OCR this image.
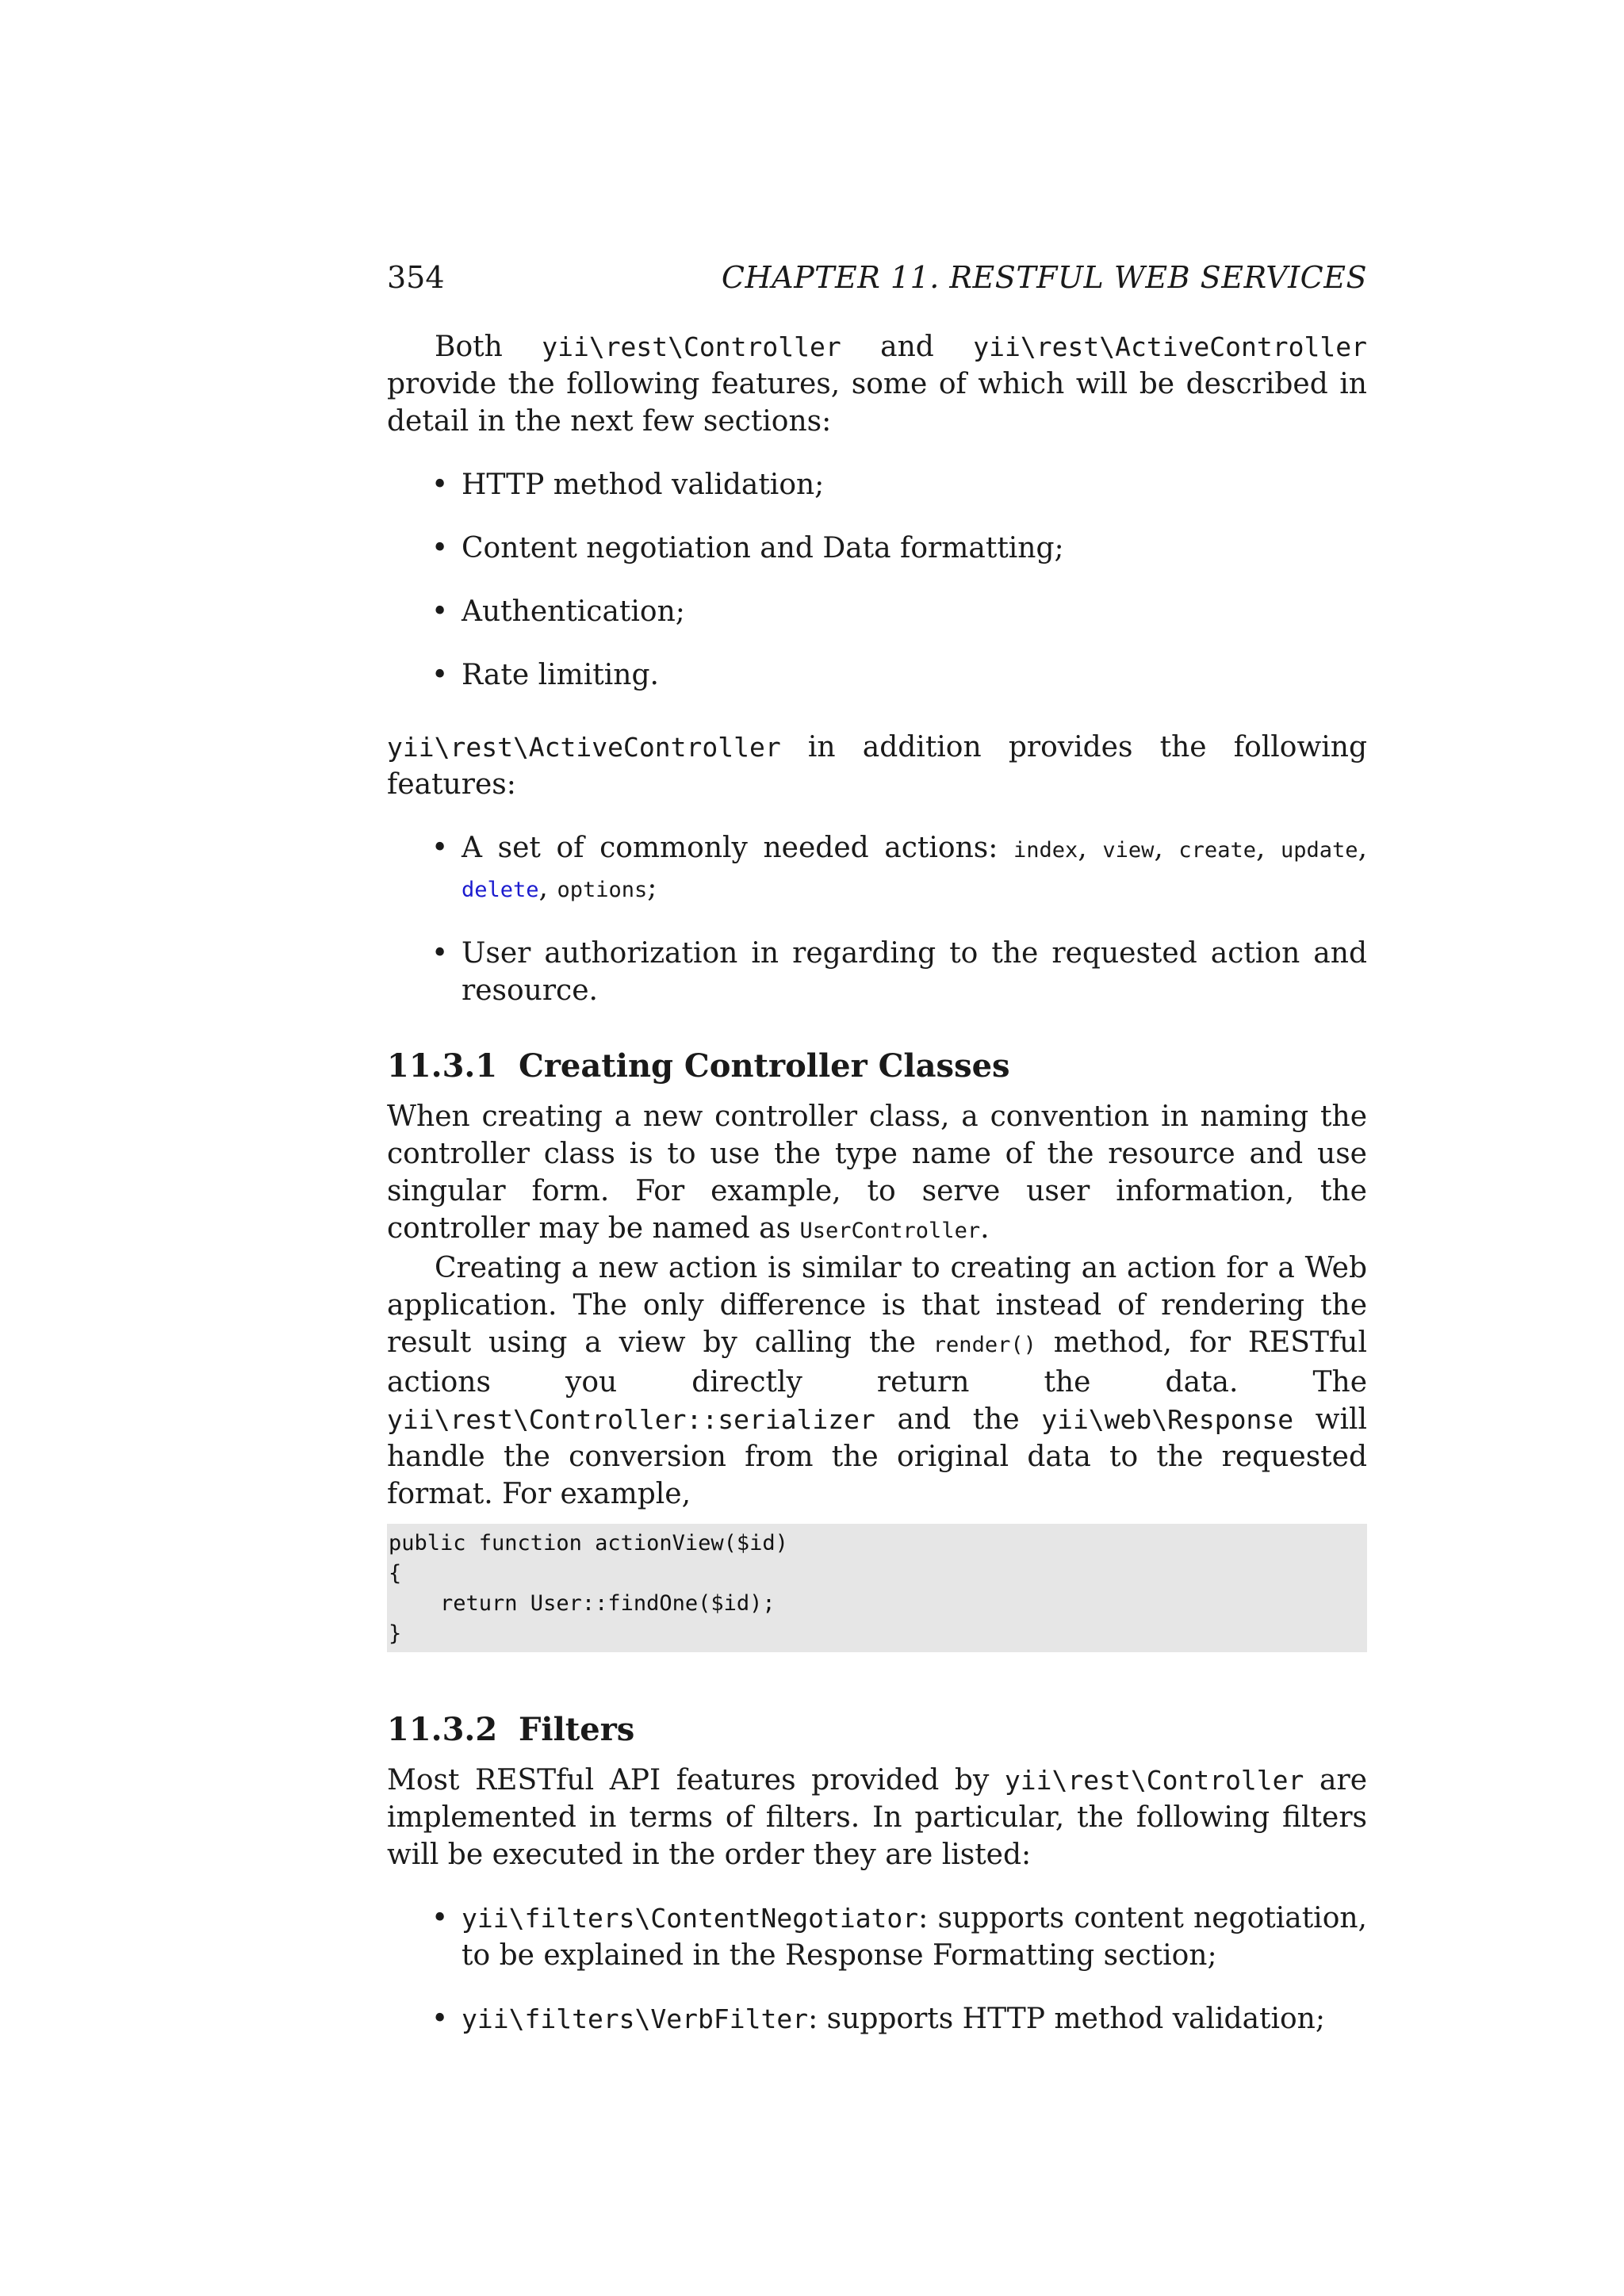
354	CHAPTER 11. RESTFUL WEB SERVICES

Both yii\rest\Controller and yii\rest\ActiveController provide the following features, some of which will be described in detail in the next few sections:

• HTTP method validation;
• Content negotiation and Data formatting;
• Authentication;
• Rate limiting.

yii\rest\ActiveController in addition provides the following features:

• A set of commonly needed actions: index, view, create, update, delete, options;
• User authorization in regarding to the requested action and resource.
11.3.1 Creating Controller Classes

When creating a new controller class, a convention in naming the controller class is to use the type name of the resource and use singular form. For example, to serve user information, the controller may be named as UserController.

Creating a new action is similar to creating an action for a Web application. The only difference is that instead of rendering the result using a view by calling the render() method, for RESTful actions you directly return the data. The yii\rest\Controller::serializer and the yii\web\Response will handle the conversion from the original data to the requested format. For example,

public function actionView($id)
{
return User::findOne($id);
}
11.3.2 Filters

Most RESTful API features provided by yii\rest\Controller are implemented in terms of filters. In particular, the following filters will be executed in the order they are listed:

• yii\filters\ContentNegotiator: supports content negotiation, to be explained in the Response Formatting section;
• yii\filters\VerbFilter: supports HTTP method validation;
